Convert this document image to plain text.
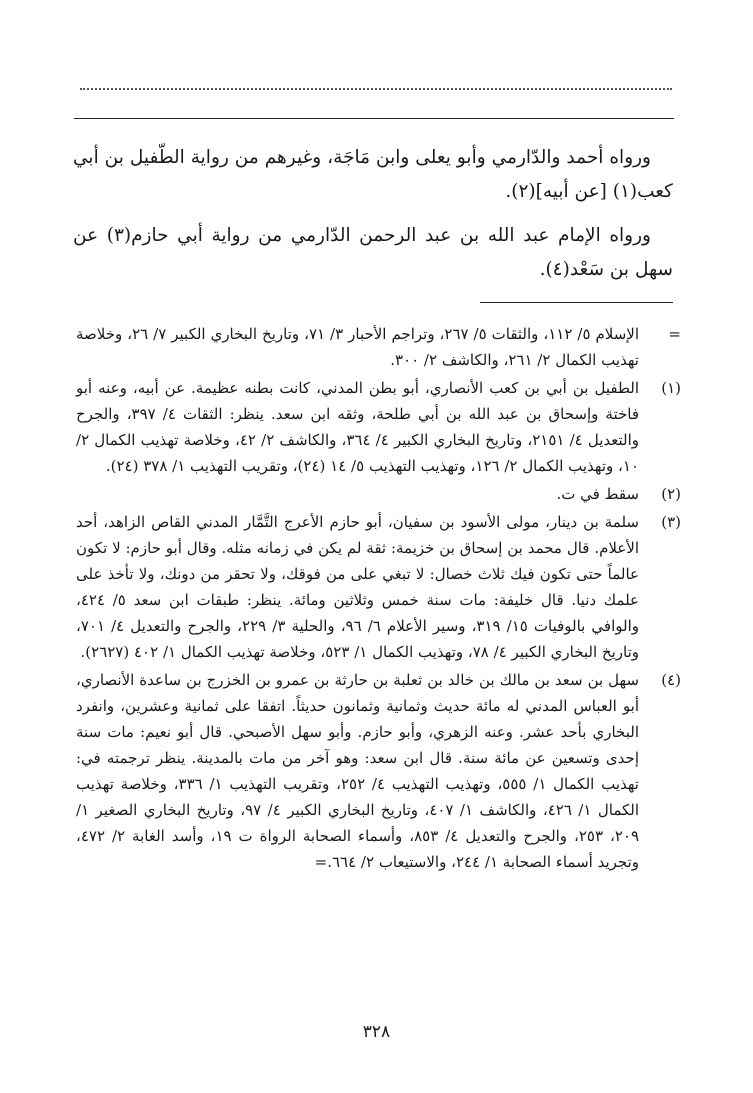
ورواه أحمد والدّارمي وأبو يعلى وابن مَاجَة، وغيرهم من رواية الطّفيل بن أبي كعب(١) [عن أبيه](٢).

ورواه الإمام عبد الله بن عبد الرحمن الدّارمي من رواية أبي حازم(٣) عن سهل بن سَعْد(٤).

=
الإسلام ٥/ ١١٢، والثقات ٥/ ٢٦٧، وتراجم الأحبار ٣/ ٧١، وتاريخ البخاري الكبير ٧/ ٢٦، وخلاصة تهذيب الكمال ٢/ ٢٦١، والكاشف ٢/ ٣٠٠.
(١)
الطفيل بن أبي بن كعب الأنصاري، أبو بطن المدني، كانت بطنه عظيمة. عن أبيه، وعنه أبو فاختة وإسحاق بن عبد الله بن أبي طلحة، وثقه ابن سعد. ينظر: الثقات ٤/ ٣٩٧، والجرح والتعديل ٤/ ٢١٥١، وتاريخ البخاري الكبير ٤/ ٣٦٤، والكاشف ٢/ ٤٢، وخلاصة تهذيب الكمال ٢/ ١٠، وتهذيب الكمال ٢/ ١٢٦، وتهذيب التهذيب ٥/ ١٤ (٢٤)، وتقريب التهذيب ١/ ٣٧٨ (٢٤).
(٢)
سقط في ت.
(٣)
سلمة بن دينار، مولى الأسود بن سفيان، أبو حازم الأعرج التَّمَّار المدني القاص الزاهد، أحد الأعلام. قال محمد بن إسحاق بن خزيمة: ثقة لم يكن في زمانه مثله. وقال أبو حازم: لا تكون عالماً حتى تكون فيك ثلاث خصال: لا تبغي على من فوقك، ولا تحقر من دونك، ولا تأخذ على علمك دنيا. قال خليفة: مات سنة خمس وثلاثين ومائة. ينظر: طبقات ابن سعد ٥/ ٤٢٤، والوافي بالوفيات ١٥/ ٣١٩، وسير الأعلام ٦/ ٩٦، والحلية ٣/ ٢٢٩، والجرح والتعديل ٤/ ٧٠١، وتاريخ البخاري الكبير ٤/ ٧٨، وتهذيب الكمال ١/ ٥٢٣، وخلاصة تهذيب الكمال ١/ ٤٠٢ (٢٦٢٧).
(٤)
سهل بن سعد بن مالك بن خالد بن ثعلبة بن حارثة بن عمرو بن الخزرج بن ساعدة الأنصاري، أبو العباس المدني له مائة حديث وثمانية وثمانون حديثاً. اتفقا على ثمانية وعشرين، وانفرد البخاري بأحد عشر. وعنه الزهري، وأبو حازم. وأبو سهل الأصبحي. قال أبو نعيم: مات سنة إحدى وتسعين عن مائة سنة. قال ابن سعد: وهو آخر من مات بالمدينة. ينظر ترجمته في: تهذيب الكمال ١/ ٥٥٥، وتهذيب التهذيب ٤/ ٢٥٢، وتقريب التهذيب ١/ ٣٣٦، وخلاصة تهذيب الكمال ١/ ٤٢٦، والكاشف ١/ ٤٠٧، وتاريخ البخاري الكبير ٤/ ٩٧، وتاريخ البخاري الصغير ١/ ٢٠٩، ٢٥٣، والجرح والتعديل ٤/ ٨٥٣، وأسماء الصحابة الرواة ت ١٩، وأسد الغابة ٢/ ٤٧٢، وتجريد أسماء الصحابة ١/ ٢٤٤، والاستيعاب ٢/ ٦٦٤.=
٣٢٨
